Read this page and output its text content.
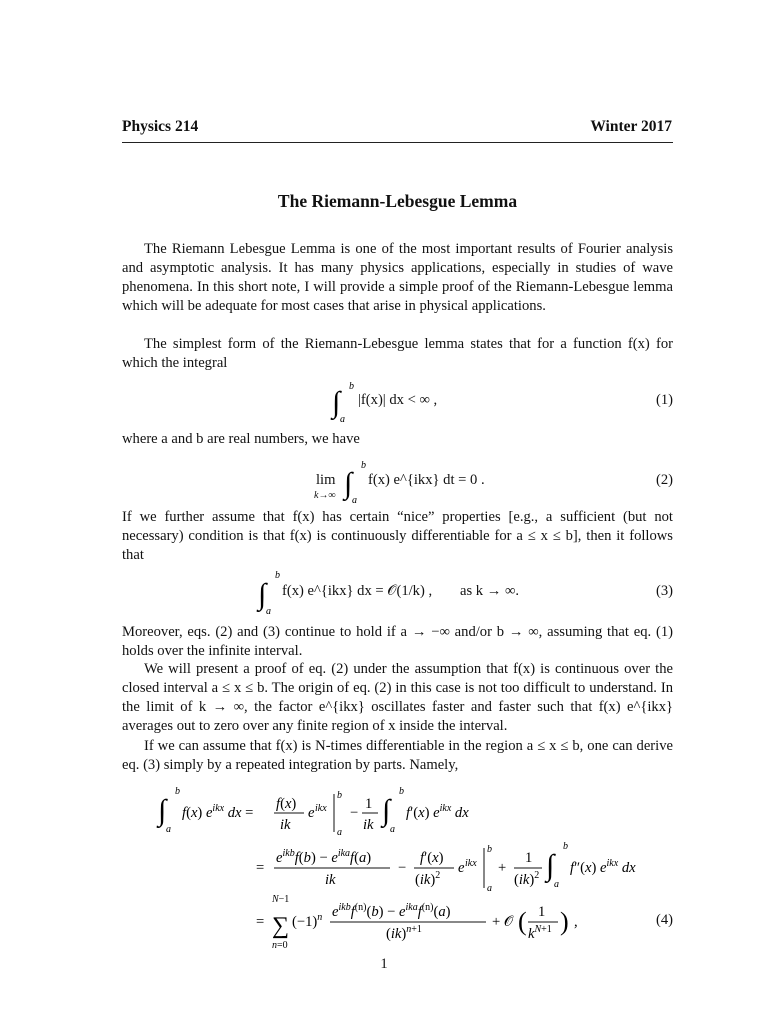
Physics 214	Winter 2017
The Riemann-Lebesgue Lemma
The Riemann Lebesgue Lemma is one of the most important results of Fourier analysis and asymptotic analysis. It has many physics applications, especially in studies of wave phenomena. In this short note, I will provide a simple proof of the Riemann-Lebesgue lemma which will be adequate for most cases that arise in physical applications.
The simplest form of the Riemann-Lebesgue lemma states that for a function f(x) for which the integral
∫ b
a
|f(x)| dx < ∞ ,	(1)
where a and b are real numbers, we have
lim
k→∞ ∫
b
a
f(x) e^{ikx} dt = 0 .	(2)
If we further assume that f(x) has certain “nice” properties [e.g., a sufficient (but not necessary) condition is that f(x) is continuously differentiable for a ≤ x ≤ b], then it follows that
∫
b
a
f(x) e^{ikx} dx = 𝒪(1/k) , as k → ∞.	(3)
Moreover, eqs. (2) and (3) continue to hold if a → −∞ and/or b → ∞, assuming that eq. (1) holds over the infinite interval.
We will present a proof of eq. (2) under the assumption that f(x) is continuous over the closed interval a ≤ x ≤ b. The origin of eq. (2) in this case is not too difficult to understand. In the limit of k → ∞, the factor e^{ikx} oscillates faster and faster such that f(x) e^{ikx} averages out to zero over any finite region of x inside the interval.
If we can assume that f(x) is N-times differentiable in the region a ≤ x ≤ b, one can derive eq. (3) simply by a repeated integration by parts. Namely,
∫
b
a
f(x) $e^{ikx}$ dx =
f(x)
ik
e ikx
b
a
−
1
ik ∫
b
a
f′(x) $e^{ikx}$ dx
=
$e^{ikb}f(b) - e^{ika}f(a)$
ik
−
f′(x)
(ik)$^2$ e ikx
b
a
+
1
(ik)$^2$ ∫
b
a
f″(x) $e^{ikx}$ dx
=
N−1
∑
n=0
$(-1)^n$ $e^{ikb}f^{(n)}(b) - e^{ika}f^{(n)}(a)$
(ik)$^{n+1}$	+ 𝒪 ( 1
$k^{N+1}$ ) ,	(4)
1
